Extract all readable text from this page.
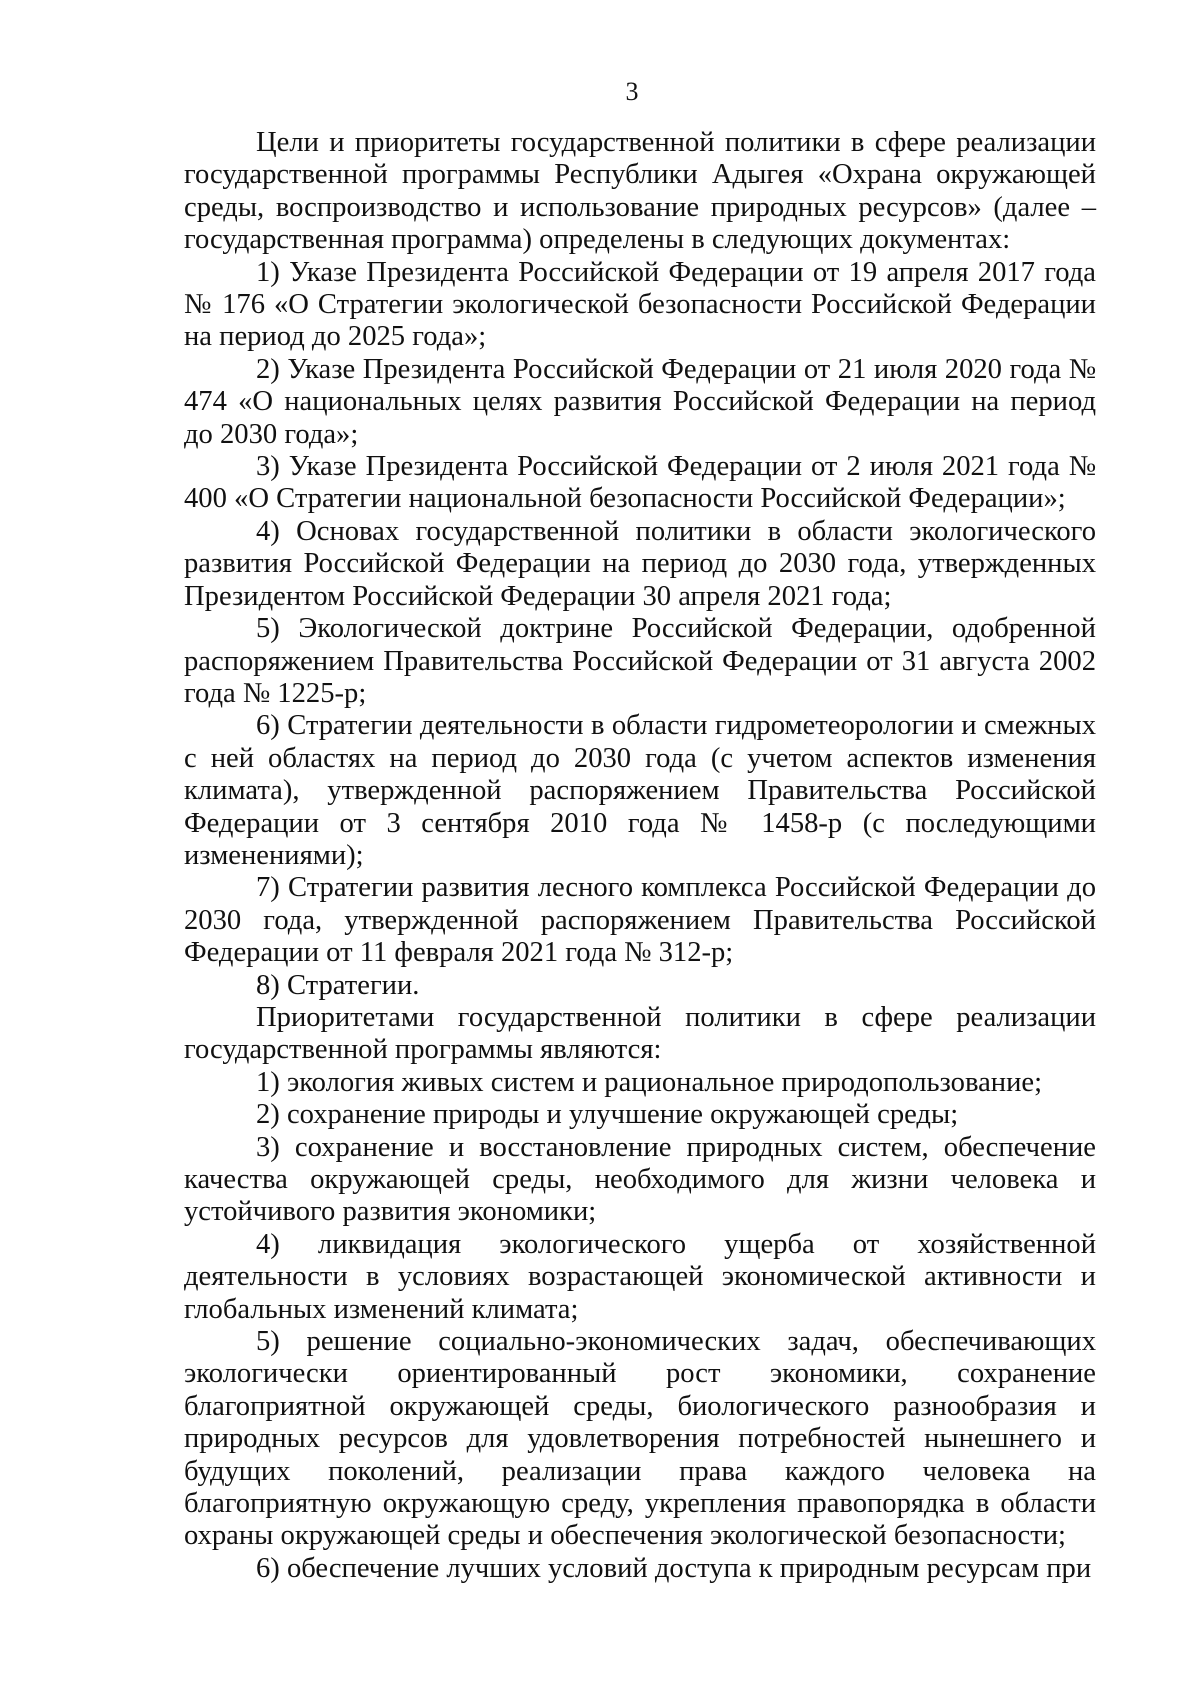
3

Цели и приоритеты государственной политики в сфере реализации государственной программы Республики Адыгея «Охрана окружающей среды, воспроизводство и использование природных ресурсов» (далее – государственная программа) определены в следующих документах:

1) Указе Президента Российской Федерации от 19 апреля 2017 года № 176 «О Стратегии экологической безопасности Российской Федерации на период до 2025 года»;

2) Указе Президента Российской Федерации от 21 июля 2020 года № 474 «О национальных целях развития Российской Федерации на период до 2030 года»;

3) Указе Президента Российской Федерации от 2 июля 2021 года № 400 «О Стратегии национальной безопасности Российской Федерации»;

4) Основах государственной политики в области экологического развития Российской Федерации на период до 2030 года, утвержденных Президентом Российской Федерации 30 апреля 2021 года;

5) Экологической доктрине Российской Федерации, одобренной распоряжением Правительства Российской Федерации от 31 августа 2002 года № 1225-р;

6) Стратегии деятельности в области гидрометеорологии и смежных с ней областях на период до 2030 года (с учетом аспектов изменения климата), утвержденной распоряжением Правительства Российской Федерации от 3 сентября 2010 года № 1458-р (с последующими изменениями);

7) Стратегии развития лесного комплекса Российской Федерации до 2030 года, утвержденной распоряжением Правительства Российской Федерации от 11 февраля 2021 года № 312-р;

8) Стратегии.

Приоритетами государственной политики в сфере реализации государственной программы являются:

1) экология живых систем и рациональное природопользование;

2) сохранение природы и улучшение окружающей среды;

3) сохранение и восстановление природных систем, обеспечение качества окружающей среды, необходимого для жизни человека и устойчивого развития экономики;

4) ликвидация экологического ущерба от хозяйственной деятельности в условиях возрастающей экономической активности и глобальных изменений климата;

5) решение социально-экономических задач, обеспечивающих экологически ориентированный рост экономики, сохранение благоприятной окружающей среды, биологического разнообразия и природных ресурсов для удовлетворения потребностей нынешнего и будущих поколений, реализации права каждого человека на благоприятную окружающую среду, укрепления правопорядка в области охраны окружающей среды и обеспечения экологической безопасности;

6) обеспечение лучших условий доступа к природным ресурсам при
